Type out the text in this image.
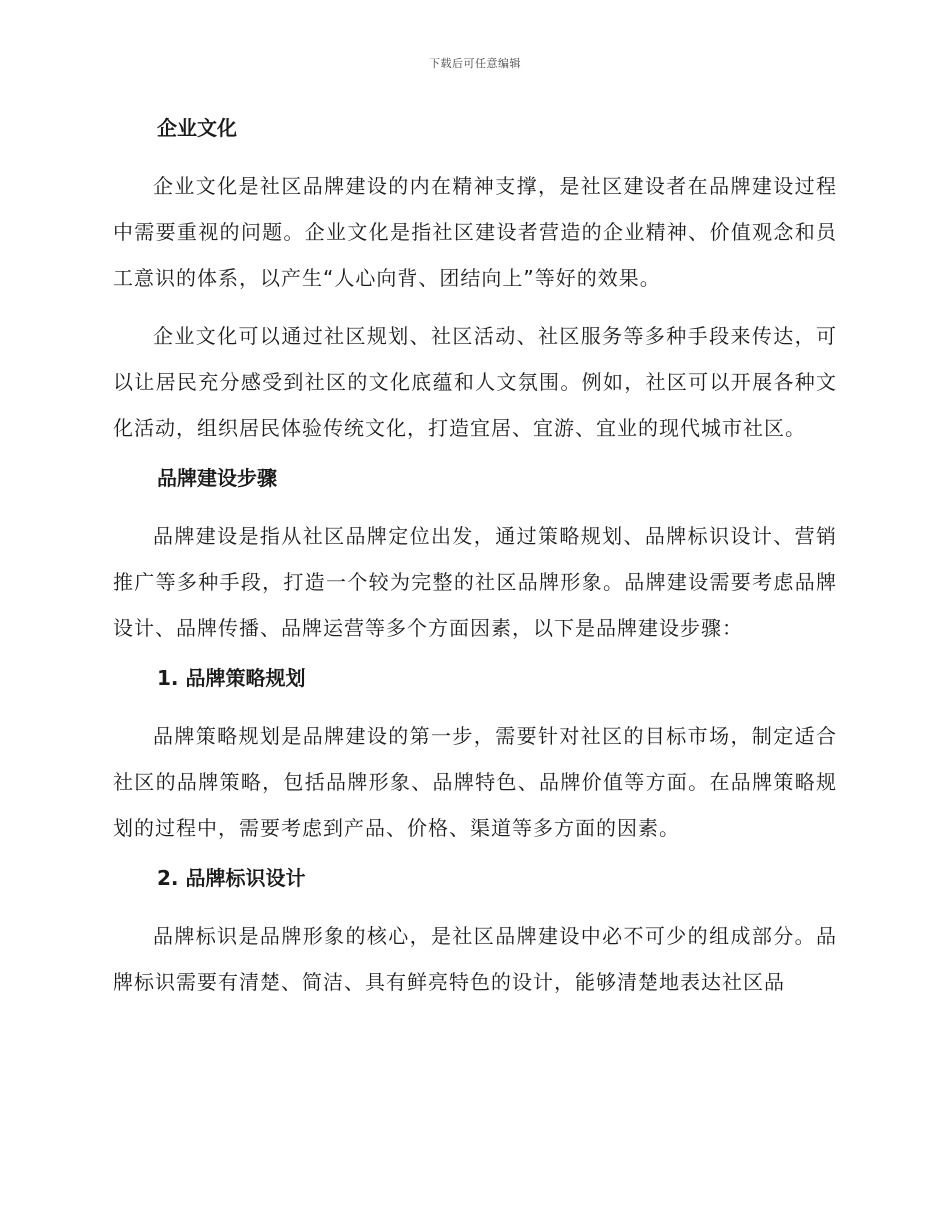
下载后可任意编辑
企业文化

企业文化是社区品牌建设的内在精神支撑，是社区建设者在品牌建设过程中需要重视的问题。企业文化是指社区建设者营造的企业精神、价值观念和员工意识的体系，以产生“人心向背、团结向上”等好的效果。

企业文化可以通过社区规划、社区活动、社区服务等多种手段来传达，可以让居民充分感受到社区的文化底蕴和人文氛围。例如，社区可以开展各种文化活动，组织居民体验传统文化，打造宜居、宜游、宜业的现代城市社区。

品牌建设步骤

品牌建设是指从社区品牌定位出发，通过策略规划、品牌标识设计、营销推广等多种手段，打造一个较为完整的社区品牌形象。品牌建设需要考虑品牌设计、品牌传播、品牌运营等多个方面因素，以下是品牌建设步骤：

1. 品牌策略规划

品牌策略规划是品牌建设的第一步，需要针对社区的目标市场，制定适合社区的品牌策略，包括品牌形象、品牌特色、品牌价值等方面。在品牌策略规划的过程中，需要考虑到产品、价格、渠道等多方面的因素。

2. 品牌标识设计

品牌标识是品牌形象的核心，是社区品牌建设中必不可少的组成部分。品牌标识需要有清楚、简洁、具有鲜亮特色的设计，能够清楚地表达社区品
